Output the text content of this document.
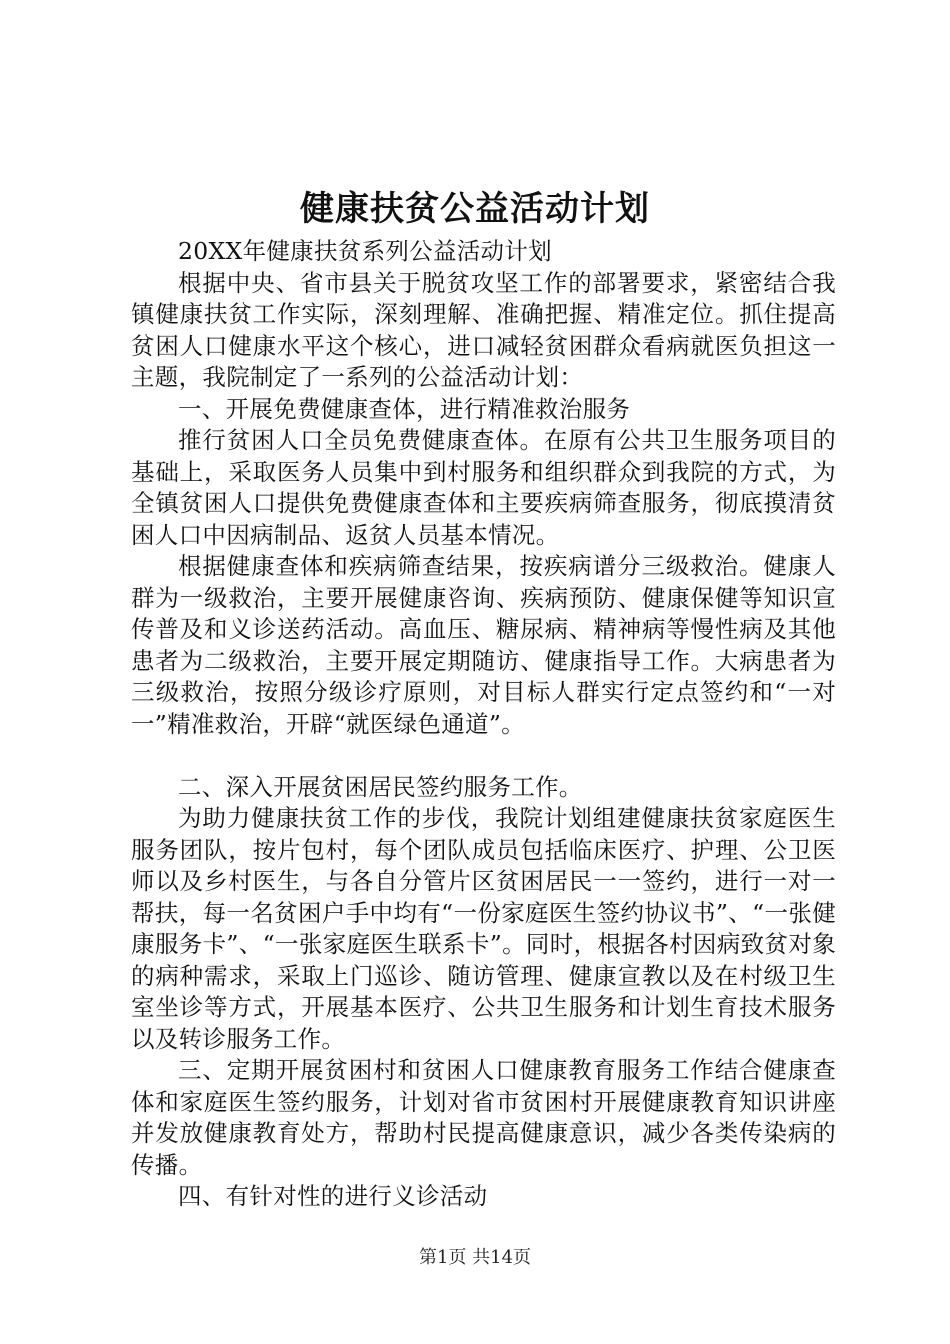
健康扶贫公益活动计划

20XX年健康扶贫系列公益活动计划

根据中央、省市县关于脱贫攻坚工作的部署要求，紧密结合我镇健康扶贫工作实际，深刻理解、准确把握、精准定位。抓住提高贫困人口健康水平这个核心，进口减轻贫困群众看病就医负担这一主题，我院制定了一系列的公益活动计划：

一、开展免费健康查体，进行精准救治服务

推行贫困人口全员免费健康查体。在原有公共卫生服务项目的基础上，采取医务人员集中到村服务和组织群众到我院的方式，为全镇贫困人口提供免费健康查体和主要疾病筛查服务，彻底摸清贫困人口中因病制品、返贫人员基本情况。

根据健康查体和疾病筛查结果，按疾病谱分三级救治。健康人群为一级救治，主要开展健康咨询、疾病预防、健康保健等知识宣传普及和义诊送药活动。高血压、糖尿病、精神病等慢性病及其他患者为二级救治，主要开展定期随访、健康指导工作。大病患者为三级救治，按照分级诊疗原则，对目标人群实行定点签约和“一对一”精准救治，开辟“就医绿色通道”。

二、深入开展贫困居民签约服务工作。

为助力健康扶贫工作的步伐，我院计划组建健康扶贫家庭医生服务团队，按片包村，每个团队成员包括临床医疗、护理、公卫医师以及乡村医生，与各自分管片区贫困居民一一签约，进行一对一帮扶，每一名贫困户手中均有“一份家庭医生签约协议书”、“一张健康服务卡”、“一张家庭医生联系卡”。同时，根据各村因病致贫对象的病种需求，采取上门巡诊、随访管理、健康宣教以及在村级卫生室坐诊等方式，开展基本医疗、公共卫生服务和计划生育技术服务以及转诊服务工作。

三、定期开展贫困村和贫困人口健康教育服务工作结合健康查体和家庭医生签约服务，计划对省市贫困村开展健康教育知识讲座并发放健康教育处方，帮助村民提高健康意识，减少各类传染病的传播。

四、有针对性的进行义诊活动

第1页 共14页
